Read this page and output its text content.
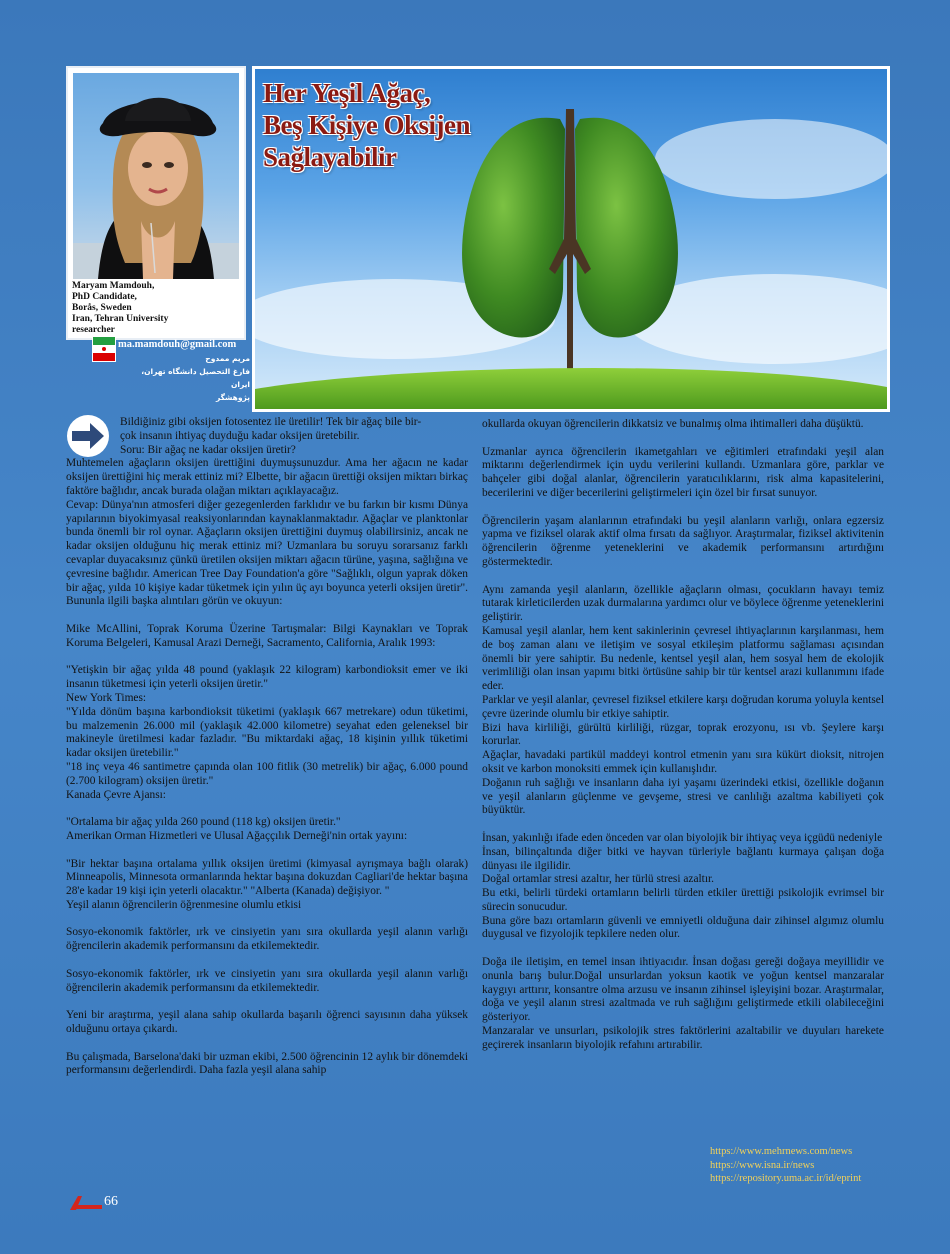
Maryam Mamdouh,
PhD Candidate,
Borås, Sweden
Iran, Tehran University
researcher
ma.mamdouh@gmail.com
مریم ممدوح
فارغ التحصیل دانشگاه تهران، ایران
پژوهشگر
Her Yeşil Ağaç,
Beş Kişiye Oksijen
Sağlayabilir

Bildiğiniz gibi oksijen fotosentez ile üretilir! Tek bir ağaç bile bir-

çok insanın ihtiyaç duyduğu kadar oksijen üretebilir.

Soru: Bir ağaç ne kadar oksijen üretir?

Muhtemelen ağaçların oksijen ürettiğini duymuşsunuzdur. Ama her ağacın ne kadar oksijen ürettiğini hiç merak ettiniz mi? Elbette, bir ağacın ürettiği oksijen miktarı birkaç faktöre bağlıdır, ancak burada olağan miktarı açıklayacağız.

Cevap: Dünya'nın atmosferi diğer gezegenlerden farklıdır ve bu farkın bir kısmı Dünya yapılarının biyokimyasal reaksiyonlarından kaynaklanmaktadır. Ağaçlar ve planktonlar bunda önemli bir rol oynar. Ağaçların oksijen ürettiğini duymuş olabilirsiniz, ancak ne kadar oksijen olduğunu hiç merak ettiniz mi? Uzmanlara bu soruyu sorarsanız farklı cevaplar duyacaksınız çünkü üretilen oksijen miktarı ağacın türüne, yaşına, sağlığına ve çevresine bağlıdır. American Tree Day Foundation'a göre "Sağlıklı, olgun yaprak döken bir ağaç, yılda 10 kişiye kadar tüketmek için yılın üç ayı boyunca yeterli oksijen üretir". Bununla ilgili başka alıntıları görün ve okuyun:

Mike McAllini, Toprak Koruma Üzerine Tartışmalar: Bilgi Kaynakları ve Toprak Koruma Belgeleri, Kamusal Arazi Derneği, Sacramento, California, Aralık 1993:

"Yetişkin bir ağaç yılda 48 pound (yaklaşık 22 kilogram) karbondioksit emer ve iki insanın tüketmesi için yeterli oksijen üretir."

New York Times:

"Yılda dönüm başına karbondioksit tüketimi (yaklaşık 667 metrekare) odun tüketimi, bu malzemenin 26.000 mil (yaklaşık 42.000 kilometre) seyahat eden geleneksel bir makineyle üretilmesi kadar fazladır. "Bu miktardaki ağaç, 18 kişinin yıllık tüketimi kadar oksijen üretebilir."

"18 inç veya 46 santimetre çapında olan 100 fitlik (30 metrelik) bir ağaç, 6.000 pound (2.700 kilogram) oksijen üretir."

Kanada Çevre Ajansı:

"Ortalama bir ağaç yılda 260 pound (118 kg) oksijen üretir."

Amerikan Orman Hizmetleri ve Ulusal Ağaççılık Derneği'nin ortak yayını:

"Bir hektar başına ortalama yıllık oksijen üretimi (kimyasal ayrışmaya bağlı olarak) Minneapolis, Minnesota ormanlarında hektar başına dokuzdan Cagliari'de hektar başına 28'e kadar 19 kişi için yeterli olacaktır." "Alberta (Kanada) değişiyor. "

Yeşil alanın öğrencilerin öğrenmesine olumlu etkisi

Sosyo-ekonomik faktörler, ırk ve cinsiyetin yanı sıra okullarda yeşil alanın varlığı öğrencilerin akademik performansını da etkilemektedir.

Sosyo-ekonomik faktörler, ırk ve cinsiyetin yanı sıra okullarda yeşil alanın varlığı öğrencilerin akademik performansını da etkilemektedir.

Yeni bir araştırma, yeşil alana sahip okullarda başarılı öğrenci sayısının daha yüksek olduğunu ortaya çıkardı.

Bu çalışmada, Barselona'daki bir uzman ekibi, 2.500 öğrencinin 12 aylık bir dönemdeki performansını değerlendirdi. Daha fazla yeşil alana sahip

okullarda okuyan öğrencilerin dikkatsiz ve bunalmış olma ihtimalleri daha düşüktü.

Uzmanlar ayrıca öğrencilerin ikametgahları ve eğitimleri etrafındaki yeşil alan miktarını değerlendirmek için uydu verilerini kullandı. Uzmanlara göre, parklar ve bahçeler gibi doğal alanlar, öğrencilerin yaratıcılıklarını, risk alma kapasitelerini, becerilerini ve diğer becerilerini geliştirmeleri için özel bir fırsat sunuyor.

Öğrencilerin yaşam alanlarının etrafındaki bu yeşil alanların varlığı, onlara egzersiz yapma ve fiziksel olarak aktif olma fırsatı da sağlıyor. Araştırmalar, fiziksel aktivitenin öğrencilerin öğrenme yeteneklerini ve akademik performansını artırdığını göstermektedir.

Aynı zamanda yeşil alanların, özellikle ağaçların olması, çocukların havayı temiz tutarak kirleticilerden uzak durmalarına yardımcı olur ve böylece öğrenme yeteneklerini geliştirir.

Kamusal yeşil alanlar, hem kent sakinlerinin çevresel ihtiyaçlarının karşılanması, hem de boş zaman alanı ve iletişim ve sosyal etkileşim platformu sağlaması açısından önemli bir yere sahiptir. Bu nedenle, kentsel yeşil alan, hem sosyal hem de ekolojik verimliliği olan insan yapımı bitki örtüsüne sahip bir tür kentsel arazi kullanımını ifade eder.

Parklar ve yeşil alanlar, çevresel fiziksel etkilere karşı doğrudan koruma yoluyla kentsel çevre üzerinde olumlu bir etkiye sahiptir.

Bizi hava kirliliği, gürültü kirliliği, rüzgar, toprak erozyonu, ısı vb. Şeylere karşı korurlar.

Ağaçlar, havadaki partikül maddeyi kontrol etmenin yanı sıra kükürt dioksit, nitrojen oksit ve karbon monoksiti emmek için kullanışlıdır.

Doğanın ruh sağlığı ve insanların daha iyi yaşamı üzerindeki etkisi, özellikle doğanın ve yeşil alanların güçlenme ve gevşeme, stresi ve canlılığı azaltma kabiliyeti çok büyüktür.

İnsan, yakınlığı ifade eden önceden var olan biyolojik bir ihtiyaç veya içgüdü nedeniyle

İnsan, bilinçaltında diğer bitki ve hayvan türleriyle bağlantı kurmaya çalışan doğa dünyası ile ilgilidir.

Doğal ortamlar stresi azaltır, her türlü stresi azaltır.

Bu etki, belirli türdeki ortamların belirli türden etkiler ürettiği psikolojik evrimsel bir sürecin sonucudur.

Buna göre bazı ortamların güvenli ve emniyetli olduğuna dair zihinsel algımız olumlu duygusal ve fizyolojik tepkilere neden olur.

Doğa ile iletişim, en temel insan ihtiyacıdır. İnsan doğası gereği doğaya meyillidir ve onunla barış bulur.Doğal unsurlardan yoksun kaotik ve yoğun kentsel manzaralar kaygıyı arttırır, konsantre olma arzusu ve insanın zihinsel işleyişini bozar. Araştırmalar, doğa ve yeşil alanın stresi azaltmada ve ruh sağlığını geliştirmede etkili olabileceğini gösteriyor.

Manzaralar ve unsurları, psikolojik stres faktörlerini azaltabilir ve duyuları harekete geçirerek insanların biyolojik refahını artırabilir.

https://www.mehrnews.com/news
https://www.isna.ir/news
https://repository.uma.ac.ir/id/eprint
66
